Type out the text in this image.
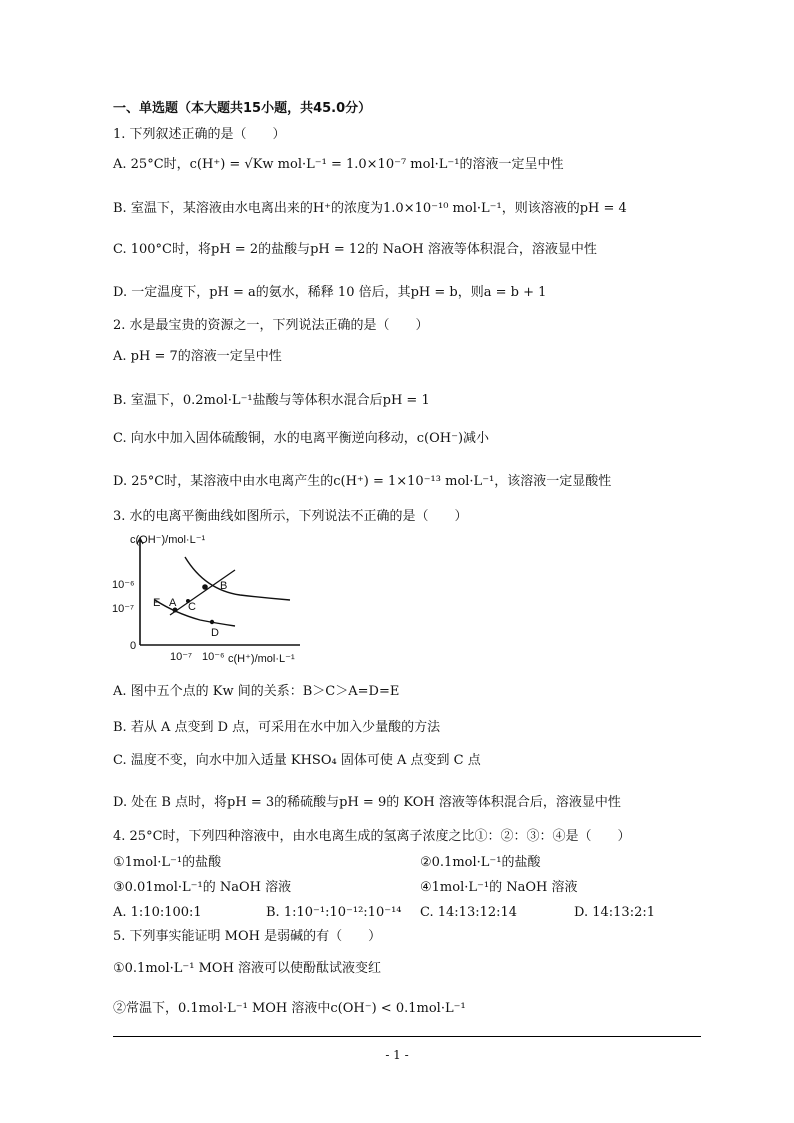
一、单选题（本大题共15小题，共45.0分）
1. 下列叙述正确的是（　　）
A. 25°C时，c(H⁺) = √Kw mol·L⁻¹ = 1.0×10⁻⁷ mol·L⁻¹的溶液一定呈中性
B. 室温下，某溶液由水电离出来的H⁺的浓度为1.0×10⁻¹⁰ mol·L⁻¹，则该溶液的pH = 4
C. 100°C时，将pH = 2的盐酸与pH = 12的 NaOH 溶液等体积混合，溶液显中性
D. 一定温度下，pH = a的氨水，稀释 10 倍后，其pH = b，则a = b + 1
2. 水是最宝贵的资源之一，下列说法正确的是（　　）
A. pH = 7的溶液一定呈中性
B. 室温下，0.2mol·L⁻¹盐酸与等体积水混合后pH = 1
C. 向水中加入固体硫酸铜，水的电离平衡逆向移动，c(OH⁻)减小
D. 25°C时，某溶液中由水电离产生的c(H⁺) = 1×10⁻¹³ mol·L⁻¹，该溶液一定显酸性
3. 水的电离平衡曲线如图所示，下列说法不正确的是（　　）
c(OH⁻)/mol·L⁻¹
10⁻⁶
10⁻⁷
0
10⁻⁷ 10⁻⁶ c(H⁺)/mol·L⁻¹
A
B
C
D
E
A. 图中五个点的 Kw 间的关系：B＞C＞A=D=E
B. 若从 A 点变到 D 点，可采用在水中加入少量酸的方法
C. 温度不变，向水中加入适量 KHSO₄ 固体可使 A 点变到 C 点
D. 处在 B 点时，将pH = 3的稀硫酸与pH = 9的 KOH 溶液等体积混合后，溶液显中性
4. 25°C时，下列四种溶液中，由水电离生成的氢离子浓度之比①：②：③：④是（　　）
①1mol·L⁻¹的盐酸	②0.1mol·L⁻¹的盐酸
③0.01mol·L⁻¹的 NaOH 溶液	④1mol·L⁻¹的 NaOH 溶液
A. 1:10:100:1	B. 1:10⁻¹:10⁻¹²:10⁻¹⁴ C. 14:13:12:14	D. 14:13:2:1
5. 下列事实能证明 MOH 是弱碱的有（　　）
①0.1mol·L⁻¹ MOH 溶液可以使酚酞试液变红
②常温下，0.1mol·L⁻¹ MOH 溶液中c(OH⁻) < 0.1mol·L⁻¹
- 1 -
